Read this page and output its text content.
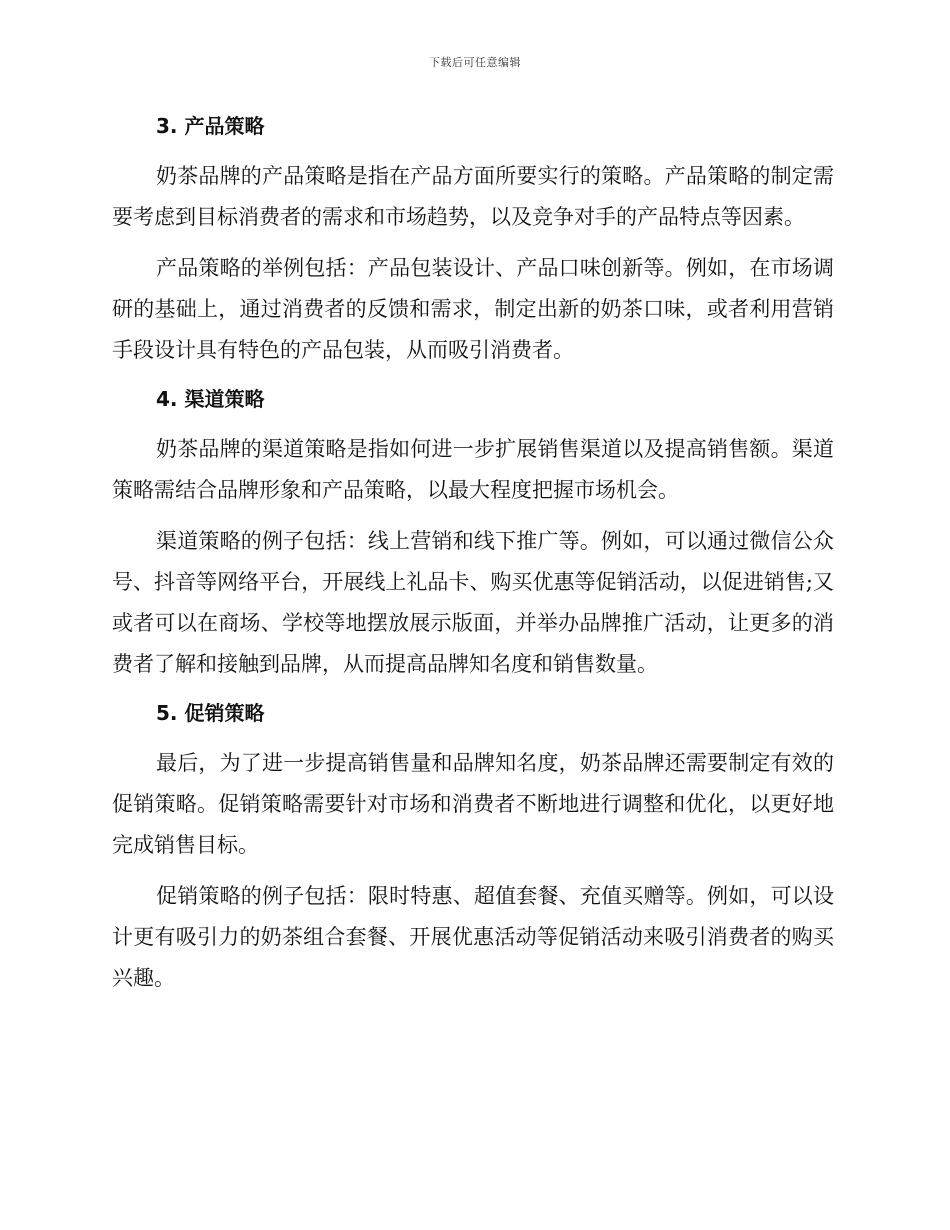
下载后可任意编辑
3. 产品策略

奶茶品牌的产品策略是指在产品方面所要实行的策略。产品策略的制定需要考虑到目标消费者的需求和市场趋势，以及竞争对手的产品特点等因素。

产品策略的举例包括：产品包装设计、产品口味创新等。例如，在市场调研的基础上，通过消费者的反馈和需求，制定出新的奶茶口味，或者利用营销手段设计具有特色的产品包装，从而吸引消费者。

4. 渠道策略

奶茶品牌的渠道策略是指如何进一步扩展销售渠道以及提高销售额。渠道策略需结合品牌形象和产品策略，以最大程度把握市场机会。

渠道策略的例子包括：线上营销和线下推广等。例如，可以通过微信公众号、抖音等网络平台，开展线上礼品卡、购买优惠等促销活动，以促进销售;又或者可以在商场、学校等地摆放展示版面，并举办品牌推广活动，让更多的消费者了解和接触到品牌，从而提高品牌知名度和销售数量。

5. 促销策略

最后，为了进一步提高销售量和品牌知名度，奶茶品牌还需要制定有效的促销策略。促销策略需要针对市场和消费者不断地进行调整和优化，以更好地完成销售目标。

促销策略的例子包括：限时特惠、超值套餐、充值买赠等。例如，可以设计更有吸引力的奶茶组合套餐、开展优惠活动等促销活动来吸引消费者的购买兴趣。
